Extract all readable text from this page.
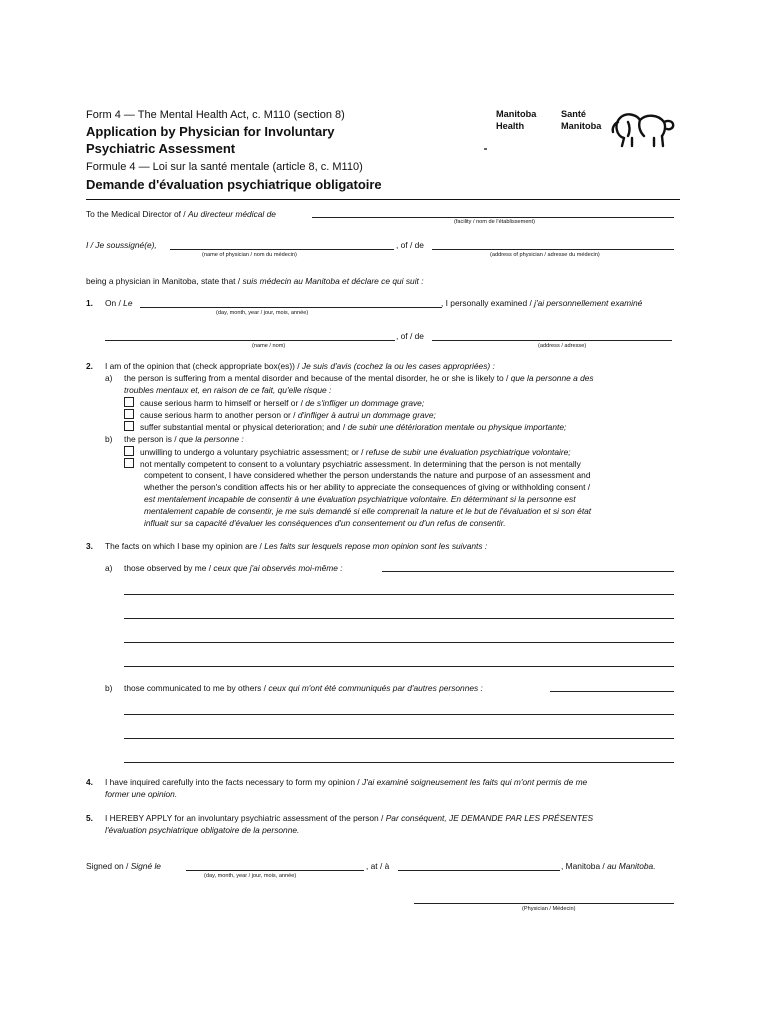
Form 4 — The Mental Health Act, c. M110 (section 8)
Application by Physician for Involuntary
Psychiatric Assessment
Formule 4 — Loi sur la santé mentale (article 8, c. M110)
Demande d'évaluation psychiatrique obligatoire
Manitoba
Health
Santé
Manitoba
To the Medical Director of / Au directeur médical de
(facility / nom de l'établissement)
I / Je soussigné(e),
(name of physician / nom du médecin)
, of / de
(address of physician / adresse du médecin)
being a physician in Manitoba, state that / suis médecin au Manitoba et déclare ce qui suit :
1. On / Le
(day, month, year / jour, mois, année)
, I personally examined / j'ai personnellement examiné
(name / nom)
, of / de
(address / adresse)
2. I am of the opinion that (check appropriate box(es)) / Je suis d'avis (cochez la ou les cases appropriées) :
a) the person is suffering from a mental disorder and because of the mental disorder, he or she is likely to / que la personne a des
troubles mentaux et, en raison de ce fait, qu'elle risque :
cause serious harm to himself or herself or / de s'infliger un dommage grave;
cause serious harm to another person or / d'infliger à autrui un dommage grave;
suffer substantial mental or physical deterioration; and / de subir une détérioration mentale ou physique importante;
b) the person is / que la personne :
unwilling to undergo a voluntary psychiatric assessment; or / refuse de subir une évaluation psychiatrique volontaire;
not mentally competent to consent to a voluntary psychiatric assessment. In determining that the person is not mentally
competent to consent, I have considered whether the person understands the nature and purpose of an assessment and
whether the person's condition affects his or her ability to appreciate the consequences of giving or withholding consent /
est mentalement incapable de consentir à une évaluation psychiatrique volontaire. En déterminant si la personne est
mentalement capable de consentir, je me suis demandé si elle comprenait la nature et le but de l'évaluation et si son état
influait sur sa capacité d'évaluer les conséquences d'un consentement ou d'un refus de consentir.
3. The facts on which I base my opinion are / Les faits sur lesquels repose mon opinion sont les suivants :
a) those observed by me / ceux que j'ai observés moi-même :
b) those communicated to me by others / ceux qui m'ont été communiqués par d'autres personnes :
4. I have inquired carefully into the facts necessary to form my opinion / J'ai examiné soigneusement les faits qui m'ont permis de me
former une opinion.
5. I HEREBY APPLY for an involuntary psychiatric assessment of the person / Par conséquent, JE DEMANDE PAR LES PRÉSENTES
l'évaluation psychiatrique obligatoire de la personne.
Signed on / Signé le
(day, month, year / jour, mois, année)
, at / à	, Manitoba / au Manitoba.
(Physician / Médecin)
